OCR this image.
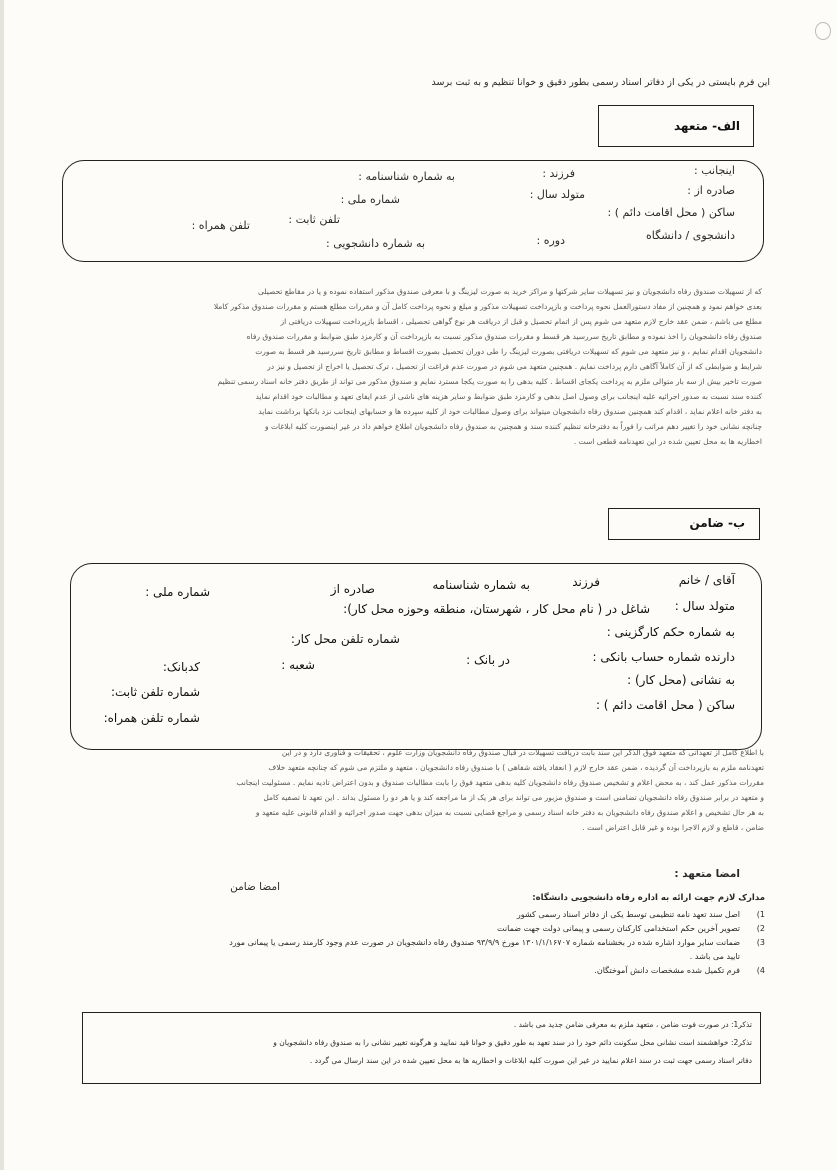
این فرم بایستی در یکی از دفاتر اسناد رسمی بطور دقیق و خوانا تنظیم و به ثبت برسد
الف- متعهد
اینجانب :
فرزند :
به شماره شناسنامه :
صادره از :
متولد سال :
شماره ملی :
ساکن ( محل اقامت دائم ) :
تلفن ثابت :
تلفن همراه :
دانشجوی / دانشگاه
دوره :
به شماره دانشجویی :
که از تسهیلات صندوق رفاه دانشجویان و نیز تسهیلات سایر شرکتها و مراکز خرید به صورت لیزینگ و با معرفی صندوق مذکور استفاده نموده و یا در مقاطع تحصیلی
بعدی خواهم نمود و همچنین از مفاد دستورالعمل نحوه پرداخت و بازپرداخت تسهیلات مذکور و مبلغ و نحوه پرداخت کامل آن و مقررات مطلع هستم و مقررات صندوق مذکور کاملا
مطلع می باشم ، ضمن عقد خارج لازم متعهد می شوم پس از اتمام تحصیل و قبل از دریافت هر نوع گواهی تحصیلی ، اقساط بازپرداخت تسهیلات دریافتی از
صندوق رفاه دانشجویان را اخذ نموده و مطابق تاریخ سررسید هر قسط و مقررات صندوق مذکور نسبت به بازپرداخت آن و کارمزد طبق ضوابط و مقررات صندوق رفاه
دانشجویان اقدام نمایم ، و نیز متعهد می شوم که تسهیلات دریافتی بصورت لیزینگ را طی دوران تحصیل بصورت اقساط و مطابق تاریخ سررسید هر قسط به صورت
شرایط و ضوابطی که از آن کاملاً آگاهی دارم پرداخت نمایم . همچنین متعهد می شوم در صورت عدم فراغت از تحصیل ، ترک تحصیل یا اخراج از تحصیل و نیز در
صورت تاخیر بیش از سه بار متوالی ملزم به پرداخت یکجای اقساط . کلیه بدهی را به صورت یکجا مسترد نمایم و صندوق مذکور می تواند از طریق دفتر خانه اسناد رسمی تنظیم
کننده سند نسبت به صدور اجرائیه علیه اینجانب برای وصول اصل بدهی و کارمزد طبق ضوابط و سایر هزینه های ناشی از عدم ایفای تعهد و مطالبات خود اقدام نماید
به دفتر خانه اعلام نماید ، اقدام کند همچنین صندوق رفاه دانشجویان میتواند برای وصول مطالبات خود از کلیه سپرده ها و حسابهای اینجانب نزد بانکها برداشت نماید
چنانچه نشانی خود را تغییر دهم مراتب را فوراً به دفترخانه تنظیم کننده سند و همچنین به صندوق رفاه دانشجویان اطلاع خواهم داد در غیر اینصورت کلیه ابلاغات و
اخطاریه ها به محل تعیین شده در این تعهدنامه قطعی است .
ب- ضامن
آقای / خانم
فرزند
به شماره شناسنامه
صادره از
شماره ملی :
متولد سال :
شاغل در ( نام محل کار ، شهرستان، منطقه وحوزه محل کار):
به شماره حکم کارگزینی :
شماره تلفن محل کار:
دارنده شماره حساب بانکی :
در بانک :
شعبه :
کدبانک:
به نشانی (محل کار) :
شماره تلفن ثابت:
ساکن ( محل اقامت دائم ) :
شماره تلفن همراه:
با اطلاع کامل از تعهداتی که متعهد فوق الذکر این سند بابت دریافت تسهیلات در قبال صندوق رفاه دانشجویان وزارت علوم ، تحقیقات و فناوری دارد و در این
تعهدنامه ملزم به بازپرداخت آن گردیده ، ضمن عقد خارج لازم ( انعقاد یافته شفاهی ) با صندوق رفاه دانشجویان ، متعهد و ملتزم می شوم که چنانچه متعهد خلاف
مقررات مذکور عمل کند ، به محض اعلام و تشخیص صندوق رفاه دانشجویان کلیه بدهی متعهد فوق را بابت مطالبات صندوق و بدون اعتراض تادیه نمایم . مسئولیت اینجانب
و متعهد در برابر صندوق رفاه دانشجویان تضامنی است و صندوق مزبور می تواند برای هر یک از ما مراجعه کند و یا هر دو را مسئول بداند . این تعهد تا تصفیه کامل
به هر حال تشخیص و اعلام صندوق رفاه دانشجویان به دفتر خانه اسناد رسمی و مراجع قضایی نسبت به میزان بدهی جهت صدور اجرائیه و اقدام قانونی علیه متعهد و
ضامن ، قاطع و لازم الاجرا بوده و غیر قابل اعتراض است .
امضا متعهد :
امضا ضامن
مدارک لازم جهت ارائه به اداره رفاه دانشجویی دانشگاه:
1)اصل سند تعهد نامه تنظیمی توسط یکی از دفاتر اسناد رسمی کشور
2)تصویر آخرین حکم استخدامی کارکنان رسمی و پیمانی دولت جهت ضمانت
3)ضمانت سایر موارد اشاره شده در بخشنامه شماره ۱۳۰۱/۱/۱۶۷۰۷ مورخ ۹۳/۹/۹ صندوق رفاه دانشجویان در صورت عدم وجود کارمند رسمی یا پیمانی مورد
تایید می باشد .
4)فرم تکمیل شده مشخصات دانش آموختگان.
تذکر1: در صورت فوت ضامن ، متعهد ملزم به معرفی ضامن جدید می باشد .
تذکر2: خواهشمند است نشانی محل سکونت دائم خود را در سند تعهد به طور دقیق و خوانا قید نمایید و هرگونه تغییر نشانی را به صندوق رفاه دانشجویان و
دفاتر اسناد رسمی جهت ثبت در سند اعلام نمایید در غیر این صورت کلیه ابلاغات و اخطاریه ها به محل تعیین شده در این سند ارسال می گردد .
